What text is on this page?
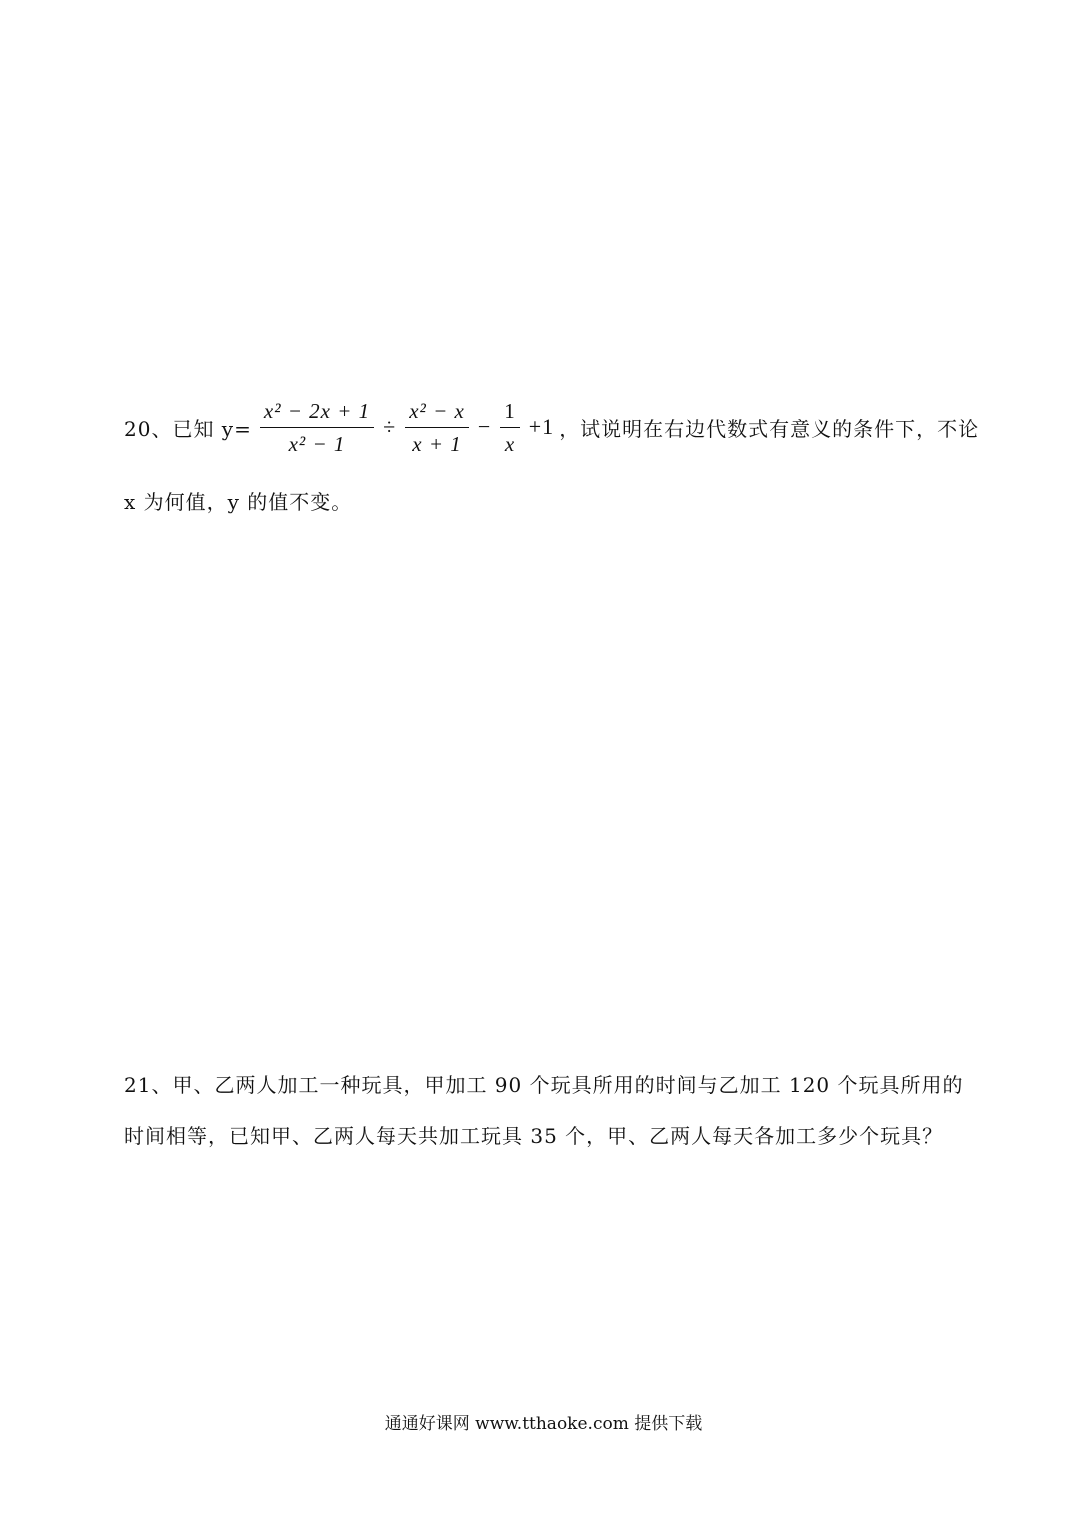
20、已知 $y= \frac{\text{x² − 2x + 1}}{\text{x² − 1}} \div \frac{\text{x² − x}}{x + 1} - \frac{1}{x} +1$ ，试说明在右边代数式有意义的条件下，不论
x 为何值，y 的值不变。
21、甲、乙两人加工一种玩具，甲加工 90 个玩具所用的时间与乙加工 120 个玩具所用的
时间相等，已知甲、乙两人每天共加工玩具 35 个，甲、乙两人每天各加工多少个玩具？
通通好课网 www.tthaoke.com 提供下载
